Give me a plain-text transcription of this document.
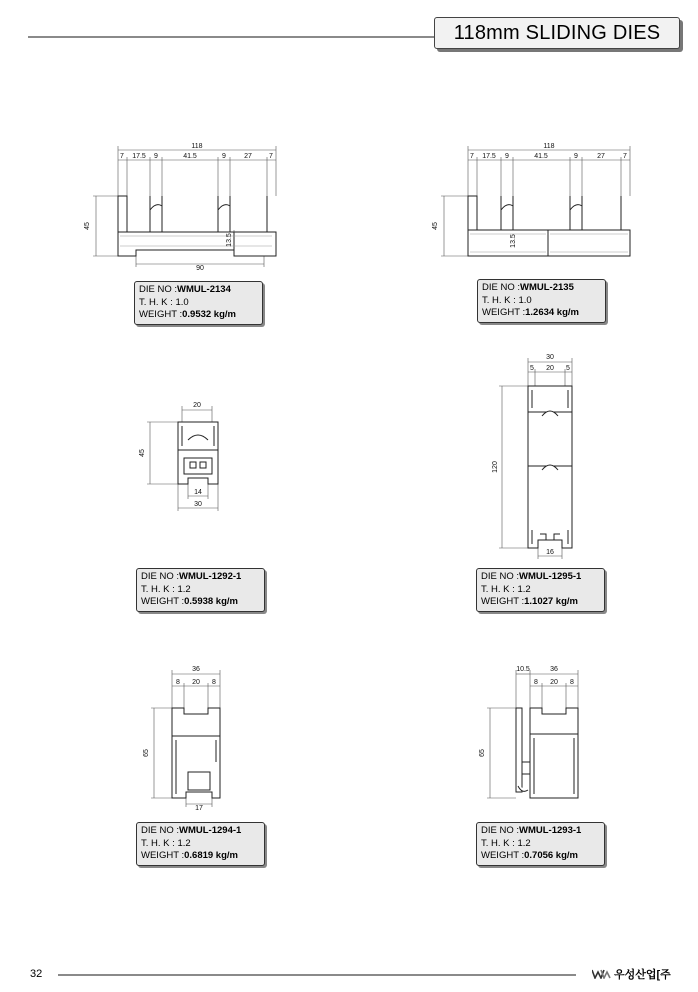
118mm SLIDING DIES
118
7 17.5 9	41.5	9	27 7
45
13.5
90
DIE NO :WMUL-2134
T. H. K : 1.0
WEIGHT :0.9532 kg/m
118
7 17.5 9	41.5	9	27	7
45
13.5
DIE NO :WMUL-2135
T. H. K : 1.0
WEIGHT :1.2634 kg/m
20
45
14
30
DIE NO :WMUL-1292-1
T. H. K : 1.2
WEIGHT :0.5938 kg/m
30
5 20 5
120
16
DIE NO :WMUL-1295-1
T. H. K : 1.2
WEIGHT :1.1027 kg/m
36
8 20 8
65
17
DIE NO :WMUL-1294-1
T. H. K : 1.2
WEIGHT :0.6819 kg/m
10.5	36
8 20 8
65
DIE NO :WMUL-1293-1
T. H. K : 1.2
WEIGHT :0.7056 kg/m
32	우성산업[주
